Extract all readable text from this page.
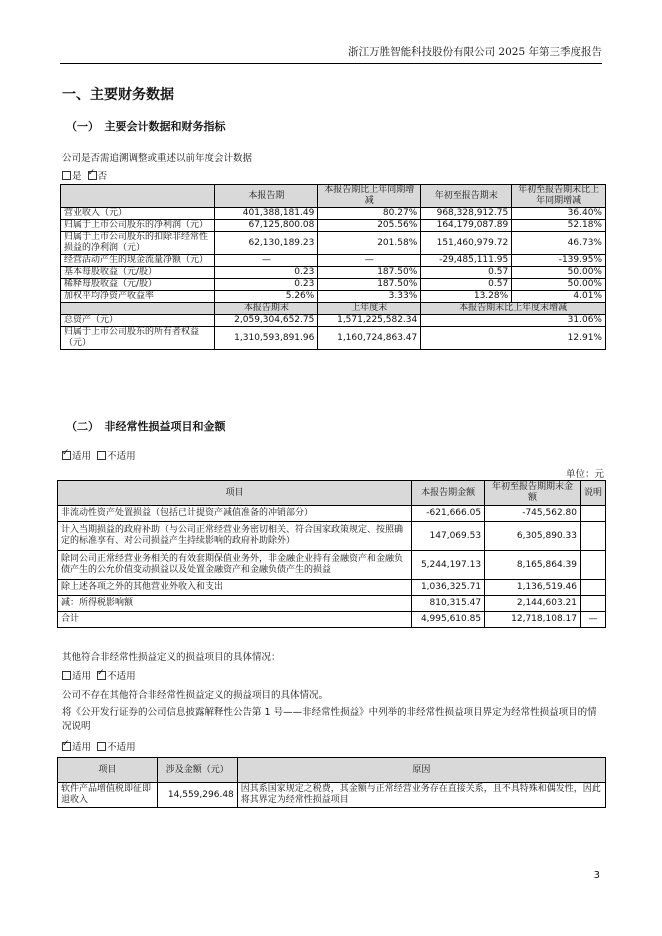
浙江万胜智能科技股份有限公司 2025 年第三季度报告
一、主要财务数据
（一）　主要会计数据和财务指标
公司是否需追溯调整或重述以前年度会计数据
是 ✓ 否
	本报告期	本报告期比上年同期增减	年初至报告期末	年初至报告期末比上年同期增减
营业收入（元）	401,388,181.49	80.27%	968,328,912.75	36.40%
归属于上市公司股东的净利润（元）	67,125,800.08	205.56%	164,179,087.89	52.18%
归属于上市公司股东的扣除非经常性损益的净利润（元）	62,130,189.23	201.58%	151,460,979.72	46.73%
经营活动产生的现金流量净额（元）	—	—	-29,485,111.95	-139.95%
基本每股收益（元/股）	0.23	187.50%	0.57	50.00%
稀释每股收益（元/股）	0.23	187.50%	0.57	50.00%
加权平均净资产收益率	5.26%	3.33%	13.28%	4.01%
	本报告期末	上年度末	本报告期末比上年度末增减	
总资产（元）	2,059,304,652.75	1,571,225,582.34	31.06%	
归属于上市公司股东的所有者权益（元）	1,310,593,891.96	1,160,724,863.47	12.91%	
（二）　非经常性损益项目和金额
✓适用 不适用
单位：元
项目	本报告期金额	年初至报告期期末金额	说明
非流动性资产处置损益（包括已计提资产减值准备的冲销部分）	-621,666.05	-745,562.80	
计入当期损益的政府补助（与公司正常经营业务密切相关、符合国家政策规定、按照确定的标准享有、对公司损益产生持续影响的政府补助除外）	147,069.53	6,305,890.33	
除同公司正常经营业务相关的有效套期保值业务外，非金融企业持有金融资产和金融负债产生的公允价值变动损益以及处置金融资产和金融负债产生的损益	5,244,197.13	8,165,864.39	
除上述各项之外的其他营业外收入和支出	1,036,325.71	1,136,519.46	
减：所得税影响额	810,315.47	2,144,603.21	
合计	4,995,610.85	12,718,108.17	—
其他符合非经常性损益定义的损益项目的具体情况：
适用 ✓ 不适用
公司不存在其他符合非经常性损益定义的损益项目的具体情况。
将《公开发行证券的公司信息披露解释性公告第 1 号——非经常性损益》中列举的非经常性损益项目界定为经常性损益项目的情况说明
✓适用 不适用
项目	涉及金额（元）	原因
软件产品增值税即征即退收入	14,559,296.48	因其系国家规定之税费，其金额与正常经营业务存在直接关系，且不具特殊和偶发性，因此将其界定为经常性损益项目
3
